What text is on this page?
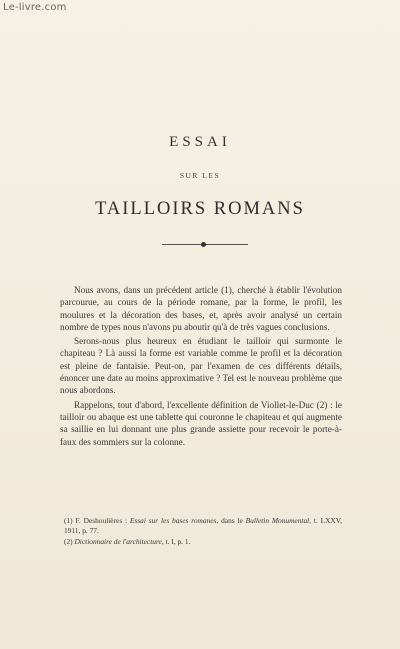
Le-livre.com
ESSAI
SUR LES
TAILLOIRS ROMANS

Nous avons, dans un précédent article (1), cherché à établir l'évolution parcourue, au cours de la période romane, par la forme, le profil, les moulures et la décoration des bases, et, après avoir analysé un certain nombre de types nous n'avons pu aboutir qu'à de très vagues conclusions.

Serons-nous plus heureux en étudiant le tailloir qui surmonte le chapiteau ? Là aussi la forme est variable comme le profil et la décoration est pleine de fantaisie. Peut-on, par l'examen de ces différents détails, énoncer une date au moins approximative ? Tel est le nouveau problème que nous abordons.

Rappelons, tout d'abord, l'excellente définition de Viollet-le-Duc (2) : le tailloir ou abaque est une tablette qui couronne le chapiteau et qui augmente sa saillie en lui donnant une plus grande assiette pour recevoir le porte-à-faux des sommiers sur la colonne.

(1) F. Deshoulières : Essai sur les bases romanes, dans le Bulletin Monumental, t. LXXV, 1911, p. 77.

(2) Dictionnaire de l'architecture, t. I, p. 1.
